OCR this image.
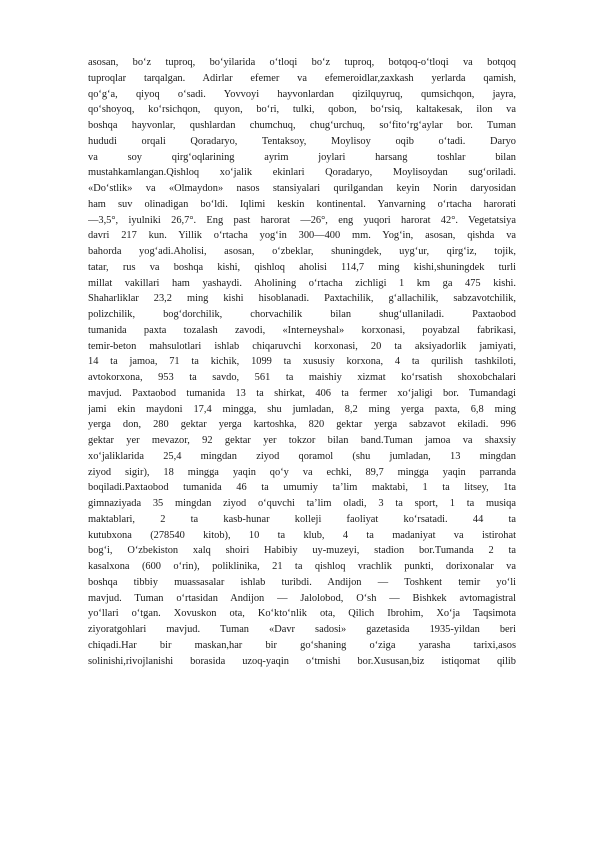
asosan, bo‘z tuproq, bo‘yilarida o‘tloqi bo‘z tuproq, botqoq-o‘tloqi va botqoq
tuproqlar tarqalgan. Adirlar efemer va efemeroidlar,zaxkash yerlarda qamish,
qo‘g‘a, qiyoq o‘sadi. Yovvoyi hayvonlardan qizilquyruq, qumsichqon, jayra,
qo‘shoyoq, ko‘rsichqon, quyon, bo‘ri, tulki, qobon, bo‘rsiq, kaltakesak, ilon va
boshqa hayvonlar, qushlardan chumchuq, chug‘urchuq, so‘fito‘rg‘aylar bor. Tuman
hududi orqali Qoradaryo, Tentaksoy, Moylisoy oqib o‘tadi. Daryo
va soy qirg‘oqlarining ayrim joylari harsang toshlar bilan
mustahkamlangan.Qishloq xo‘jalik ekinlari Qoradaryo, Moylisoydan sug‘oriladi.
«Do‘stlik» va «Olmaydon» nasos stansiyalari qurilgandan keyin Norin daryosidan
ham suv olinadigan bo‘ldi. Iqlimi keskin kontinental. Yanvarning o‘rtacha harorati
—3,5°, iyulniki 26,7°. Eng past harorat —26°, eng yuqori harorat 42°. Vegetatsiya
davri 217 kun. Yillik o‘rtacha yog‘in 300—400 mm. Yog‘in, asosan, qishda va
bahorda yog‘adi.Aholisi, asosan, o‘zbeklar, shuningdek, uyg‘ur, qirg‘iz, tojik,
tatar, rus va boshqa kishi, qishloq aholisi 114,7 ming kishi,shuningdek turli
millat vakillari ham yashaydi. Aholining o‘rtacha zichligi 1 km ga 475 kishi.
Shaharliklar 23,2 ming kishi hisoblanadi. Paxtachilik, g‘allachilik, sabzavotchilik,
polizchilik, bog‘dorchilik, chorvachilik bilan shug‘ullaniladi. Paxtaobod
tumanida paxta tozalash zavodi, «Interneyshal» korxonasi, poyabzal fabrikasi,
temir-beton mahsulotlari ishlab chiqaruvchi korxonasi, 20 ta aksiyadorlik jamiyati,
14 ta jamoa, 71 ta kichik, 1099 ta xususiy korxona, 4 ta qurilish tashkiloti,
avtokorxona, 953 ta savdo, 561 ta maishiy xizmat ko‘rsatish shoxobchalari
mavjud. Paxtaobod tumanida 13 ta shirkat, 406 ta fermer xo‘jaligi bor. Tumandagi
jami ekin maydoni 17,4 mingga, shu jumladan, 8,2 ming yerga paxta, 6,8 ming
yerga don, 280 gektar yerga kartoshka, 820 gektar yerga sabzavot ekiladi. 996
gektar yer mevazor, 92 gektar yer tokzor bilan band.Tuman jamoa va shaxsiy
xo‘jaliklarida 25,4 mingdan ziyod qoramol (shu jumladan, 13 mingdan
ziyod sigir), 18 mingga yaqin qo‘y va echki, 89,7 mingga yaqin parranda
boqiladi.Paxtaobod tumanida 46 ta umumiy ta’lim maktabi, 1 ta litsey, 1ta
gimnaziyada 35 mingdan ziyod o‘quvchi ta’lim oladi, 3 ta sport, 1 ta musiqa
maktablari, 2 ta kasb-hunar kolleji faoliyat ko‘rsatadi. 44 ta
kutubxona (278540 kitob), 10 ta klub, 4 ta madaniyat va istirohat
bog‘i, O‘zbekiston xalq shoiri Habibiy uy-muzeyi, stadion bor.Tumanda 2 ta
kasalxona (600 o‘rin), poliklinika, 21 ta qishloq vrachlik punkti, dorixonalar va
boshqa tibbiy muassasalar ishlab turibdi. Andijon — Toshkent temir yo‘li
mavjud. Tuman o‘rtasidan Andijon — Jalolobod, O‘sh — Bishkek avtomagistral
yo‘llari o‘tgan. Xovuskon ota, Ko‘kto‘nlik ota, Qilich Ibrohim, Xo‘ja Taqsimota
ziyoratgohlari mavjud. Tuman «Davr sadosi» gazetasida 1935-yildan beri
chiqadi.Har bir maskan,har bir go‘shaning o‘ziga yarasha tarixi,asos
solinishi,rivojlanishi borasida uzoq-yaqin o‘tmishi bor.Xususan,biz istiqomat qilib
